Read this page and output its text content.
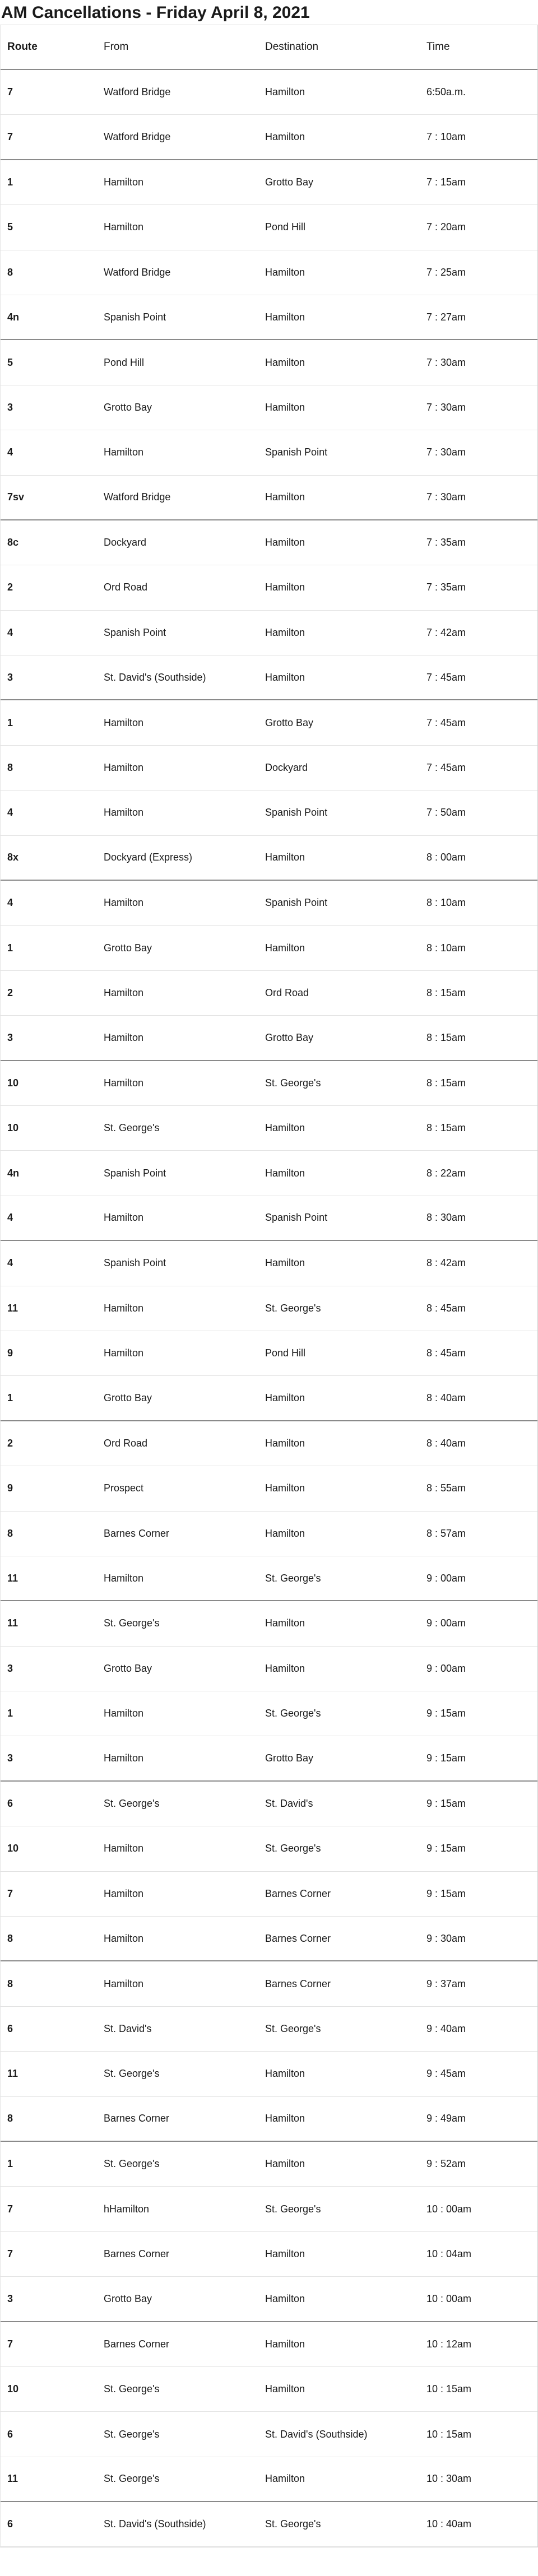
AM Cancellations - Friday April 8, 2021
Route	From	Destination	Time
7	Watford Bridge	Hamilton	6:50a.m.
7	Watford Bridge	Hamilton	7 : 10am
1	Hamilton	Grotto Bay	7 : 15am
5	Hamilton	Pond Hill	7 : 20am
8	Watford Bridge	Hamilton	7 : 25am
4n	Spanish Point	Hamilton	7 : 27am
5	Pond Hill	Hamilton	7 : 30am
3	Grotto Bay	Hamilton	7 : 30am
4	Hamilton	Spanish Point	7 : 30am
7sv	Watford Bridge	Hamilton	7 : 30am
8c	Dockyard	Hamilton	7 : 35am
2	Ord Road	Hamilton	7 : 35am
4	Spanish Point	Hamilton	7 : 42am
3	St. David's (Southside)	Hamilton	7 : 45am
1	Hamilton	Grotto Bay	7 : 45am
8	Hamilton	Dockyard	7 : 45am
4	Hamilton	Spanish Point	7 : 50am
8x	Dockyard (Express)	Hamilton	8 : 00am
4	Hamilton	Spanish Point	8 : 10am
1	Grotto Bay	Hamilton	8 : 10am
2	Hamilton	Ord Road	8 : 15am
3	Hamilton	Grotto Bay	8 : 15am
10	Hamilton	St. George's	8 : 15am
10	St. George's	Hamilton	8 : 15am
4n	Spanish Point	Hamilton	8 : 22am
4	Hamilton	Spanish Point	8 : 30am
4	Spanish Point	Hamilton	8 : 42am
11	Hamilton	St. George's	8 : 45am
9	Hamilton	Pond Hill	8 : 45am
1	Grotto Bay	Hamilton	8 : 40am
2	Ord Road	Hamilton	8 : 40am
9	Prospect	Hamilton	8 : 55am
8	Barnes Corner	Hamilton	8 : 57am
11	Hamilton	St. George's	9 : 00am
11	St. George's	Hamilton	9 : 00am
3	Grotto Bay	Hamilton	9 : 00am
1	Hamilton	St. George's	9 : 15am
3	Hamilton	Grotto Bay	9 : 15am
6	St. George's	St. David's	9 : 15am
10	Hamilton	St. George's	9 : 15am
7	Hamilton	Barnes Corner	9 : 15am
8	Hamilton	Barnes Corner	9 : 30am
8	Hamilton	Barnes Corner	9 : 37am
6	St. David's	St. George's	9 : 40am
11	St. George's	Hamilton	9 : 45am
8	Barnes Corner	Hamilton	9 : 49am
1	St. George's	Hamilton	9 : 52am
7	hHamilton	St. George's	10 : 00am
7	Barnes Corner	Hamilton	10 : 04am
3	Grotto Bay	Hamilton	10 : 00am
7	Barnes Corner	Hamilton	10 : 12am
10	St. George's	Hamilton	10 : 15am
6	St. George's	St. David's (Southside)	10 : 15am
11	St. George's	Hamilton	10 : 30am
6	St. David's (Southside)	St. George's	10 : 40am
